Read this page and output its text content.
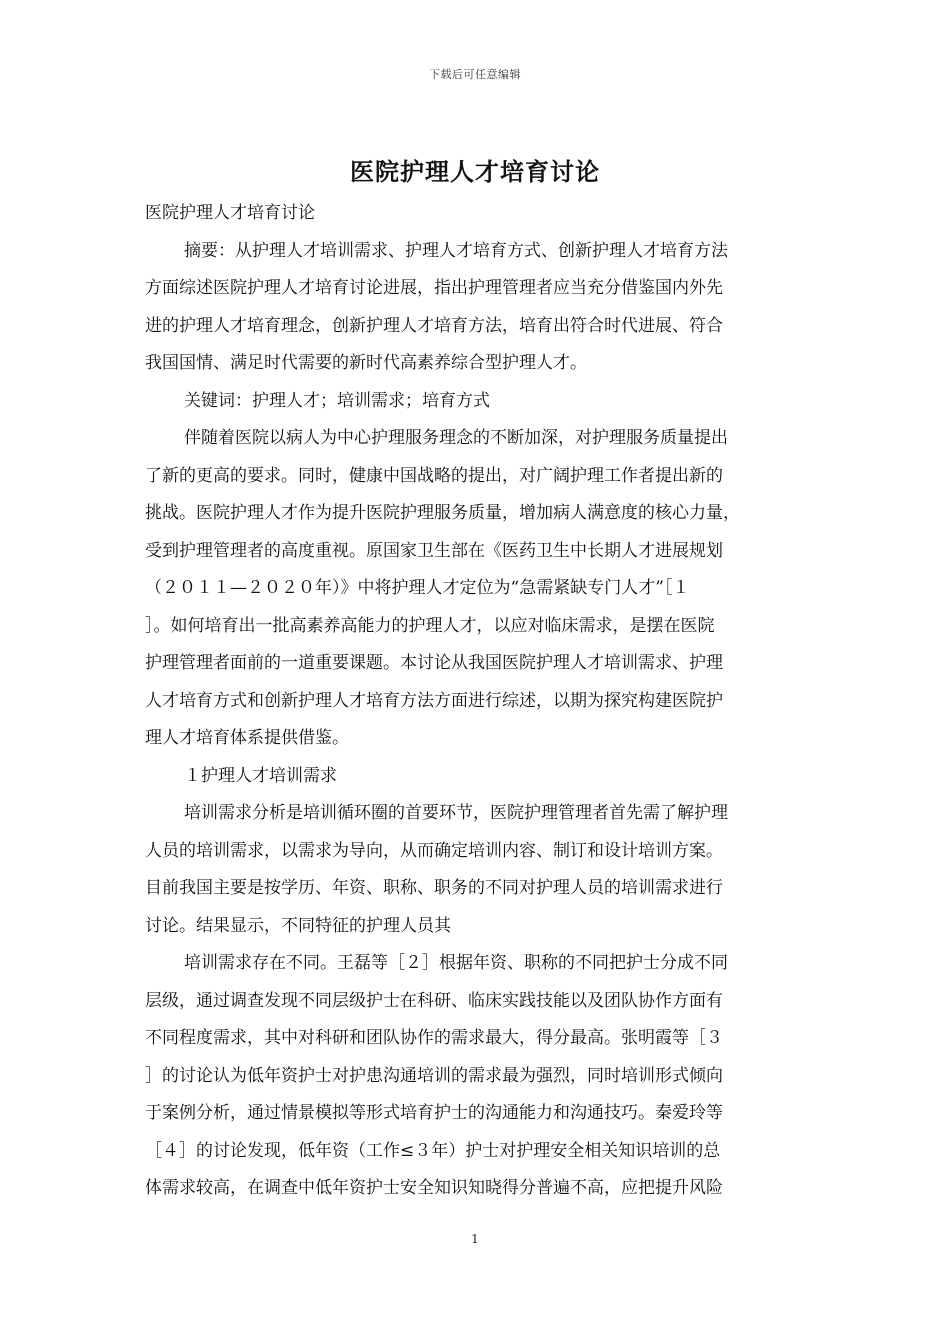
下载后可任意编辑
医院护理人才培育讨论
医院护理人才培育讨论
摘要：从护理人才培训需求、护理人才培育方式、创新护理人才培育方法
方面综述医院护理人才培育讨论进展，指出护理管理者应当充分借鉴国内外先
进的护理人才培育理念，创新护理人才培育方法，培育出符合时代进展、符合
我国国情、满足时代需要的新时代高素养综合型护理人才。
关键词：护理人才；培训需求；培育方式
伴随着医院以病人为中心护理服务理念的不断加深，对护理服务质量提出
了新的更高的要求。同时，健康中国战略的提出，对广阔护理工作者提出新的
挑战。医院护理人才作为提升医院护理服务质量，增加病人满意度的核心力量，
受到护理管理者的高度重视。原国家卫生部在《医药卫生中长期人才进展规划
（２０１１—２０２０年）》中将护理人才定位为“急需紧缺专门人才”［１
］。如何培育出一批高素养高能力的护理人才，以应对临床需求，是摆在医院
护理管理者面前的一道重要课题。本讨论从我国医院护理人才培训需求、护理
人才培育方式和创新护理人才培育方法方面进行综述，以期为探究构建医院护
理人才培育体系提供借鉴。
１护理人才培训需求
培训需求分析是培训循环圈的首要环节，医院护理管理者首先需了解护理
人员的培训需求，以需求为导向，从而确定培训内容、制订和设计培训方案。
目前我国主要是按学历、年资、职称、职务的不同对护理人员的培训需求进行
讨论。结果显示，不同特征的护理人员其
培训需求存在不同。王磊等［２］根据年资、职称的不同把护士分成不同
层级，通过调查发现不同层级护士在科研、临床实践技能以及团队协作方面有
不同程度需求，其中对科研和团队协作的需求最大，得分最高。张明霞等［３
］的讨论认为低年资护士对护患沟通培训的需求最为强烈，同时培训形式倾向
于案例分析，通过情景模拟等形式培育护士的沟通能力和沟通技巧。秦爱玲等
［４］的讨论发现，低年资（工作≤３年）护士对护理安全相关知识培训的总
体需求较高，在调查中低年资护士安全知识知晓得分普遍不高，应把提升风险
1
